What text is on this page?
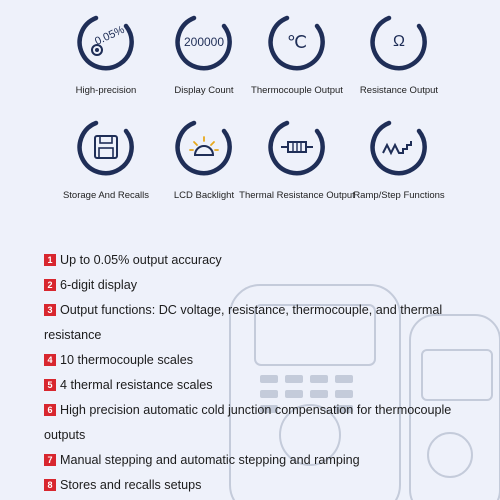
0.05%
High-precision
200000
Display Count
℃
Thermocouple Output
Ω
Resistance Output
Storage And Recalls	LCD Backlight Thermal Resistance Output
Ramp/Step Functions
1 Up to 0.05% output accuracy
2 6-digit display
3 Output functions: DC voltage, resistance, thermocouple, and thermal resistance
4 10 thermocouple scales
5 4 thermal resistance scales
6 High precision automatic cold junction compensation for thermocouple outputs
7 Manual stepping and automatic stepping and ramping
8 Stores and recalls setups
